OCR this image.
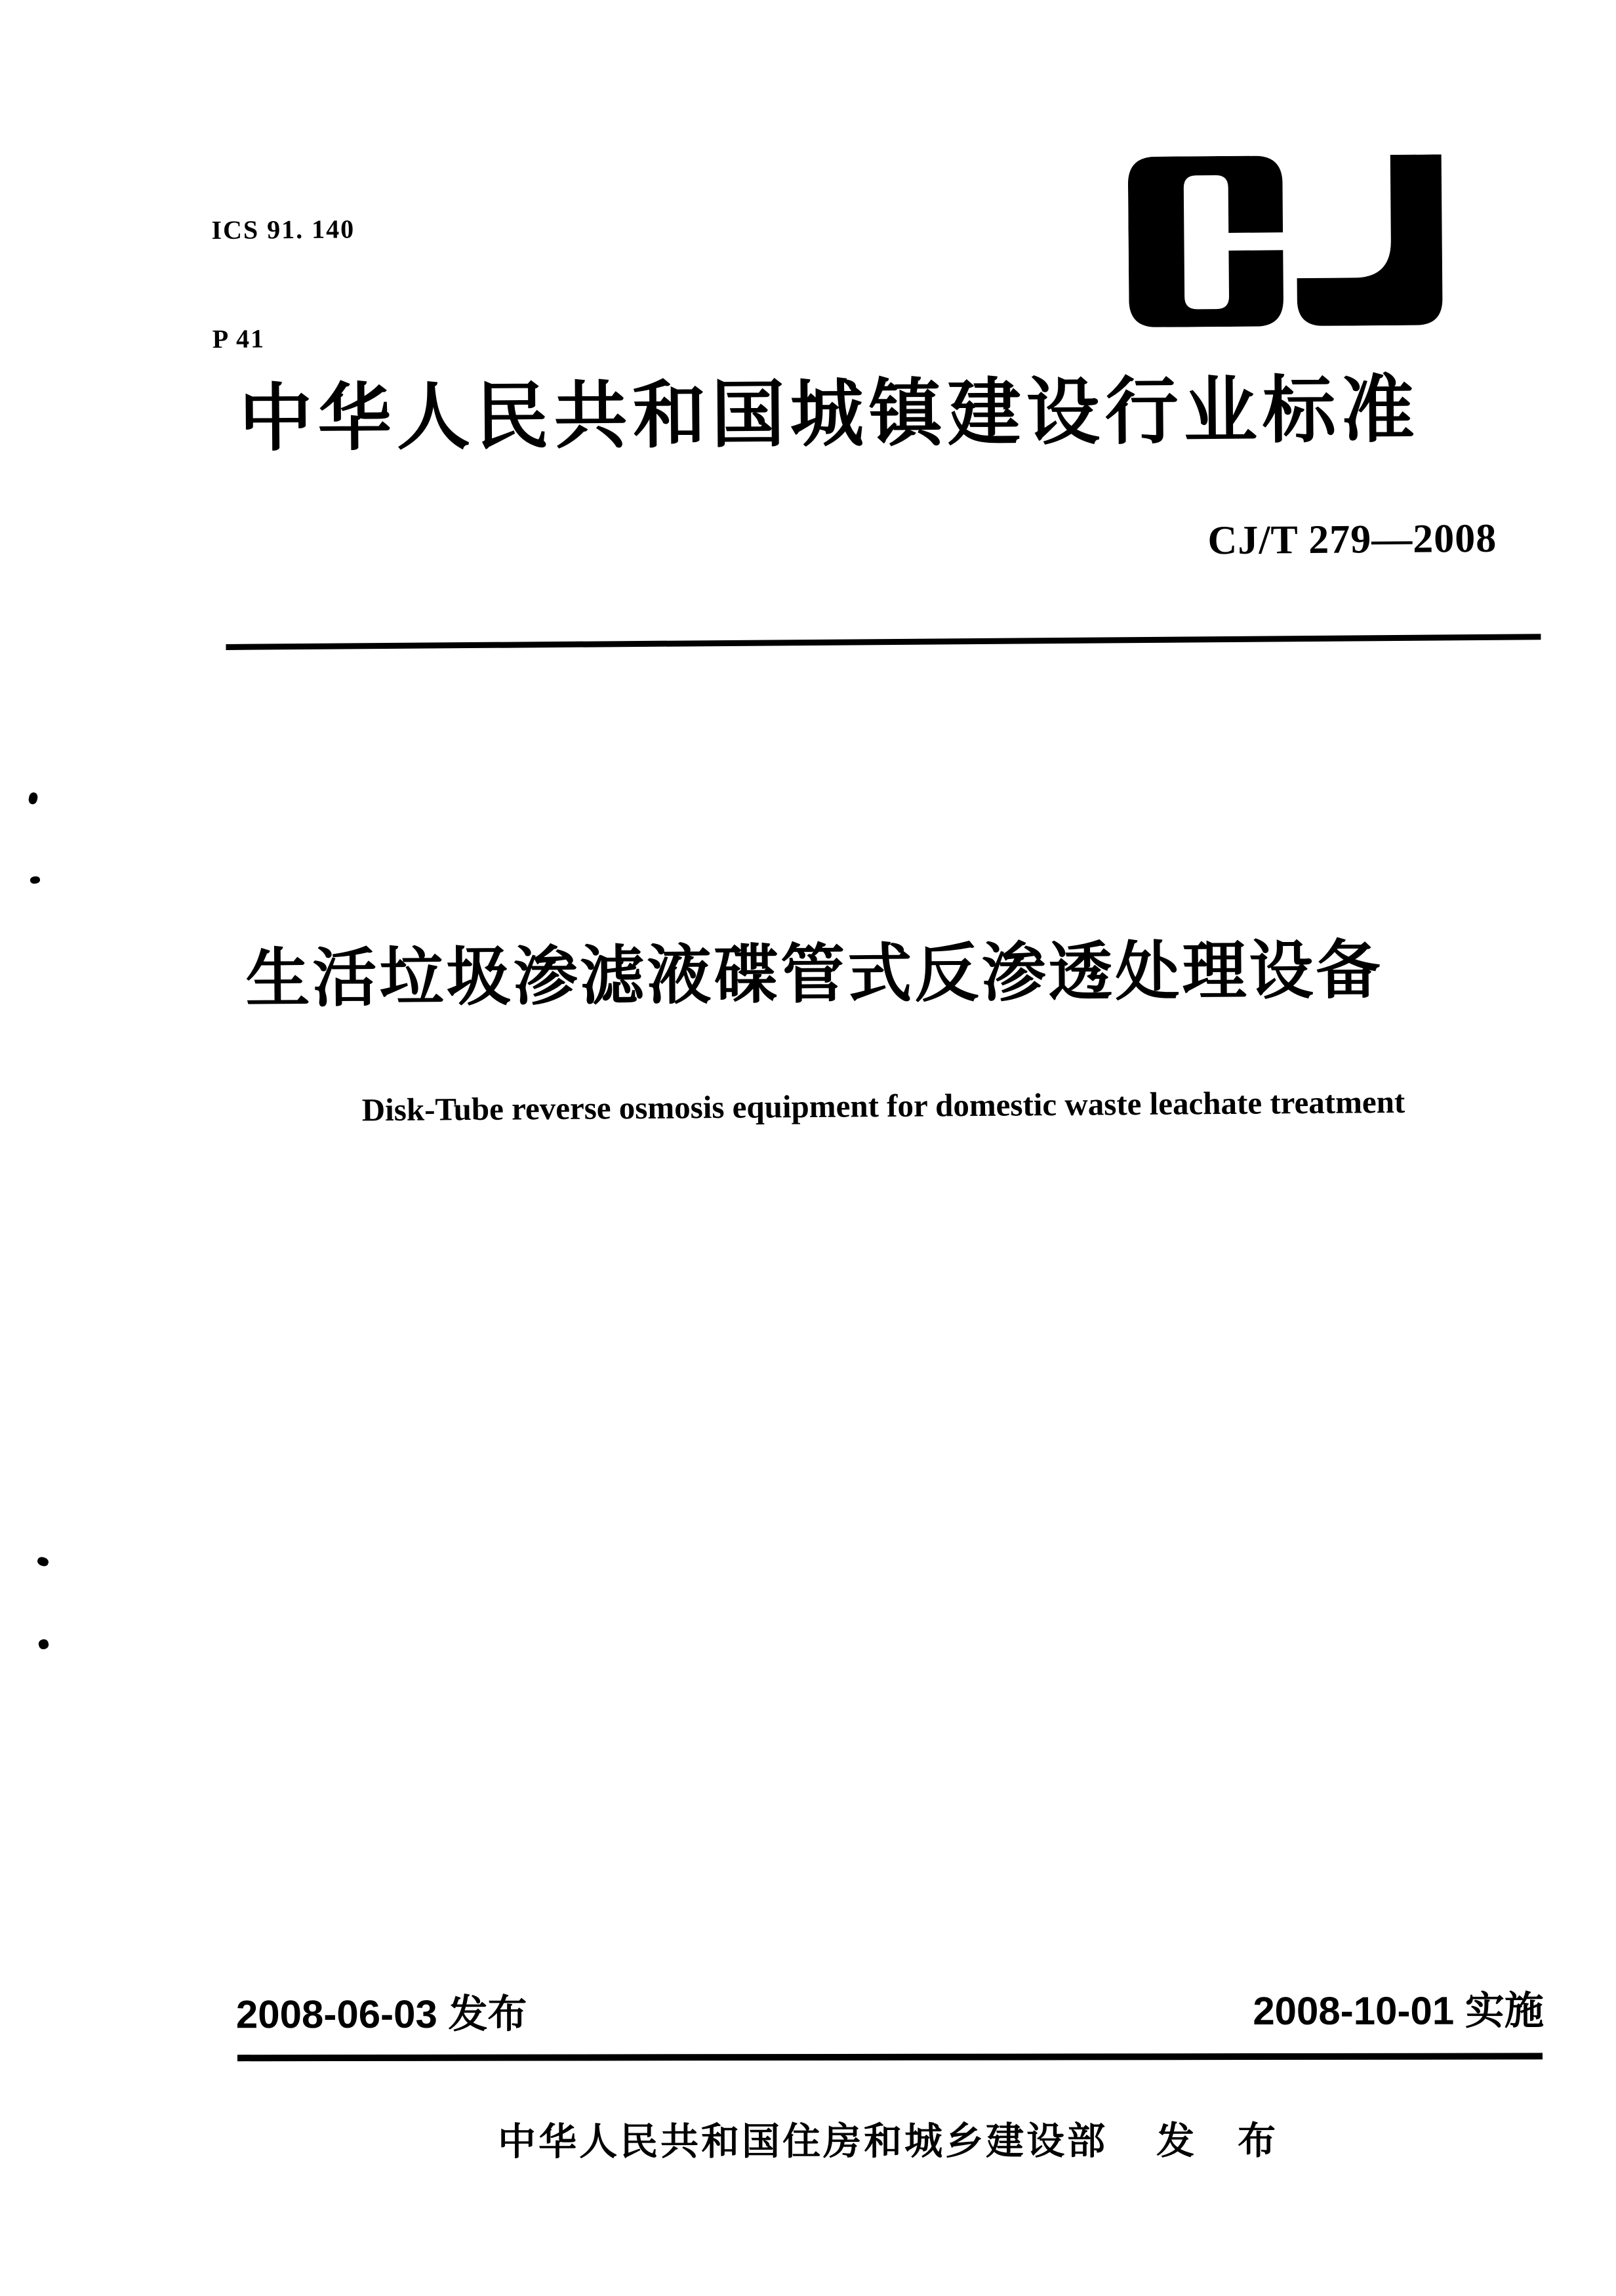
ICS 91. 140

P 41

中华人民共和国城镇建设行业标准
CJ/T 279—2008
生活垃圾渗滤液碟管式反渗透处理设备
Disk-Tube reverse osmosis equipment for domestic waste leachate treatment
2008-06-03 发布	2008-10-01 实施
中华人民共和国住房和城乡建设部 发　布
